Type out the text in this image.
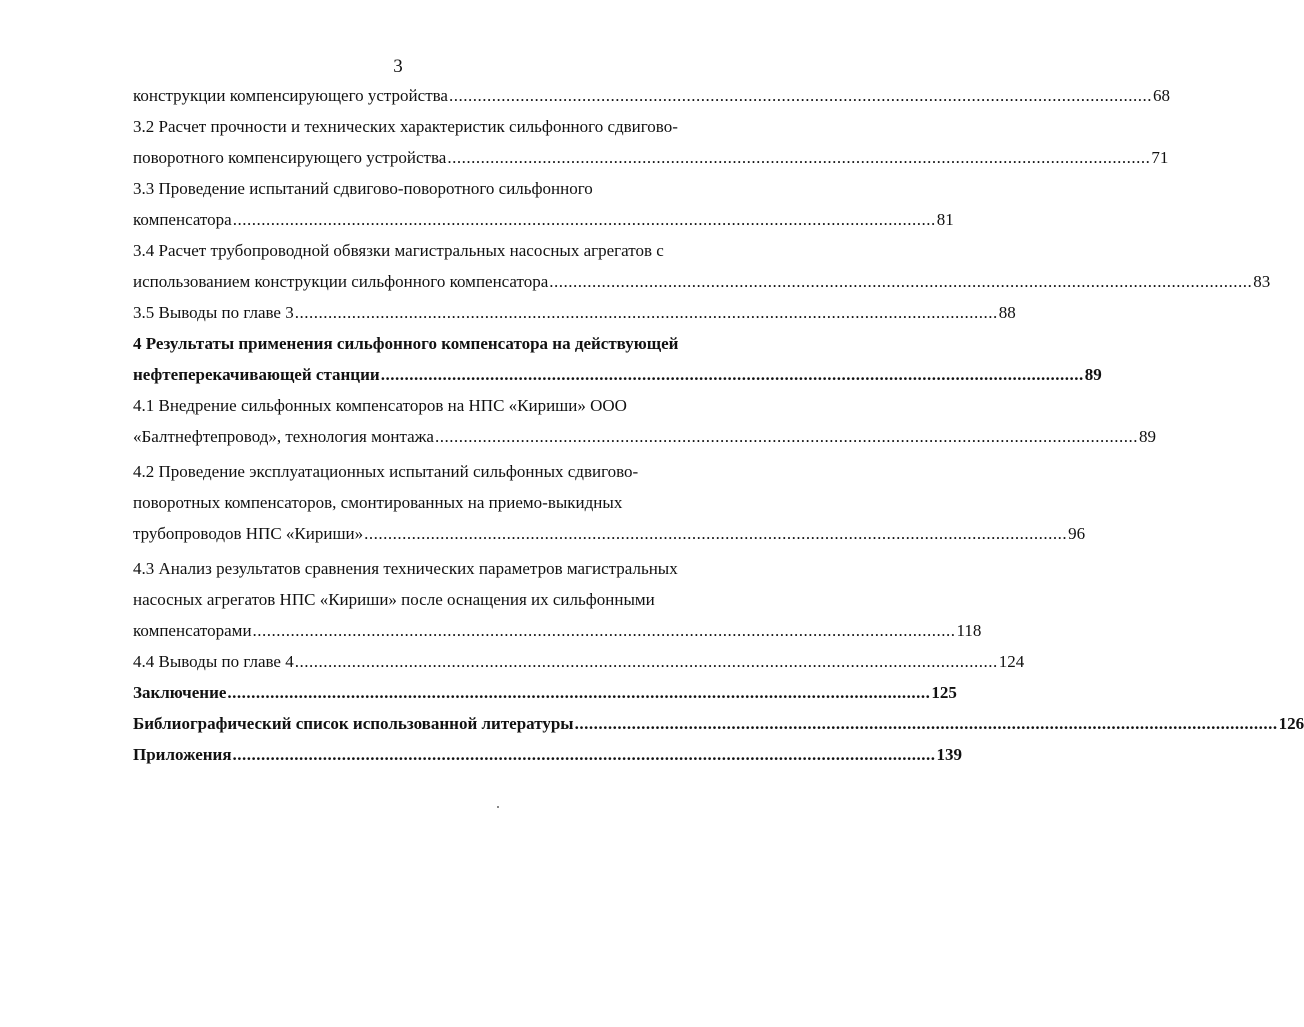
3
конструкции компенсирующего устройства .................................................................................................................................................... 68
3.2 Расчет прочности и технических характеристик сильфонного сдвигово-
поворотного компенсирующего устройства .................................................................................................................................................... 71
3.3 Проведение испытаний сдвигово-поворотного сильфонного
компенсатора .................................................................................................................................................... 81
3.4 Расчет трубопроводной обвязки магистральных насосных агрегатов с
использованием конструкции сильфонного компенсатора .................................................................................................................................................... 83
3.5 Выводы по главе 3 .................................................................................................................................................... 88
4 Результаты применения сильфонного компенсатора на действующей
нефтеперекачивающей станции .................................................................................................................................................... 89
4.1 Внедрение сильфонных компенсаторов на НПС «Кириши» ООО
«Балтнефтепровод», технология монтажа .................................................................................................................................................... 89
4.2 Проведение эксплуатационных испытаний сильфонных сдвигово-
поворотных компенсаторов, смонтированных на приемо-выкидных
трубопроводов НПС «Кириши» .................................................................................................................................................... 96
4.3 Анализ результатов сравнения технических параметров магистральных
насосных агрегатов НПС «Кириши» после оснащения их сильфонными
компенсаторами .................................................................................................................................................... 118
4.4 Выводы по главе 4 .................................................................................................................................................... 124
Заключение .................................................................................................................................................... 125
Библиографический список использованной литературы .................................................................................................................................................... 126
Приложения .................................................................................................................................................... 139
